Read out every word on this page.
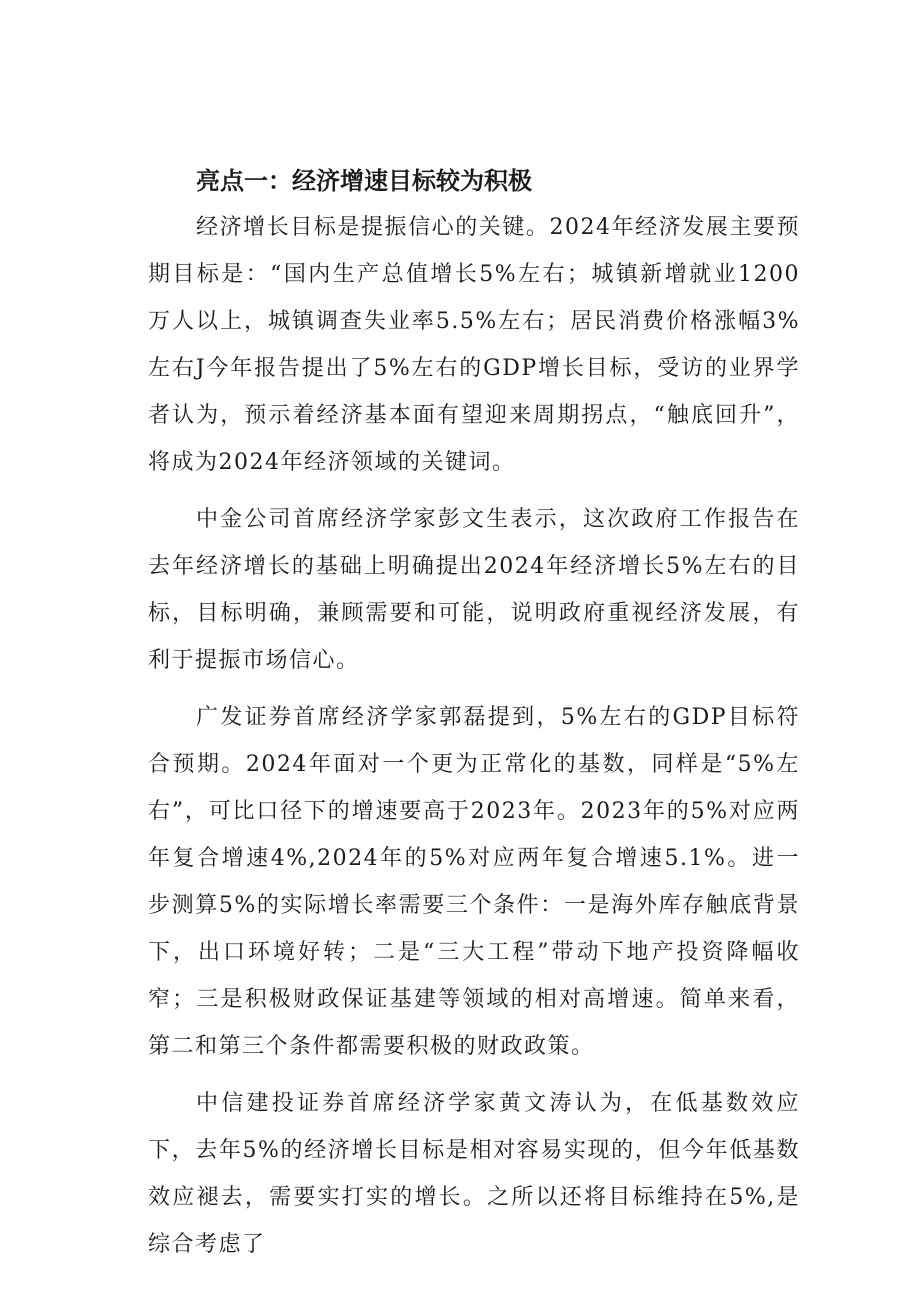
亮点一：经济增速目标较为积极

经济增长目标是提振信心的关键。2024年经济发展主要预期目标是：“国内生产总值增长5%左右；城镇新增就业1200万人以上，城镇调查失业率5.5%左右；居民消费价格涨幅3%左右J今年报告提出了5%左右的GDP增长目标，受访的业界学者认为，预示着经济基本面有望迎来周期拐点，“触底回升”，将成为2024年经济领域的关键词。

中金公司首席经济学家彭文生表示，这次政府工作报告在去年经济增长的基础上明确提出2024年经济增长5%左右的目标，目标明确，兼顾需要和可能，说明政府重视经济发展，有利于提振市场信心。

广发证券首席经济学家郭磊提到，5%左右的GDP目标符合预期。2024年面对一个更为正常化的基数，同样是“5%左右”，可比口径下的增速要高于2023年。2023年的5%对应两年复合增速4%,2024年的5%对应两年复合增速5.1%。进一步测算5%的实际增长率需要三个条件：一是海外库存触底背景下，出口环境好转；二是“三大工程”带动下地产投资降幅收窄；三是积极财政保证基建等领域的相对高增速。简单来看，第二和第三个条件都需要积极的财政政策。

中信建投证券首席经济学家黄文涛认为，在低基数效应下，去年5%的经济增长目标是相对容易实现的，但今年低基数效应褪去，需要实打实的增长。之所以还将目标维持在5%,是综合考虑了
